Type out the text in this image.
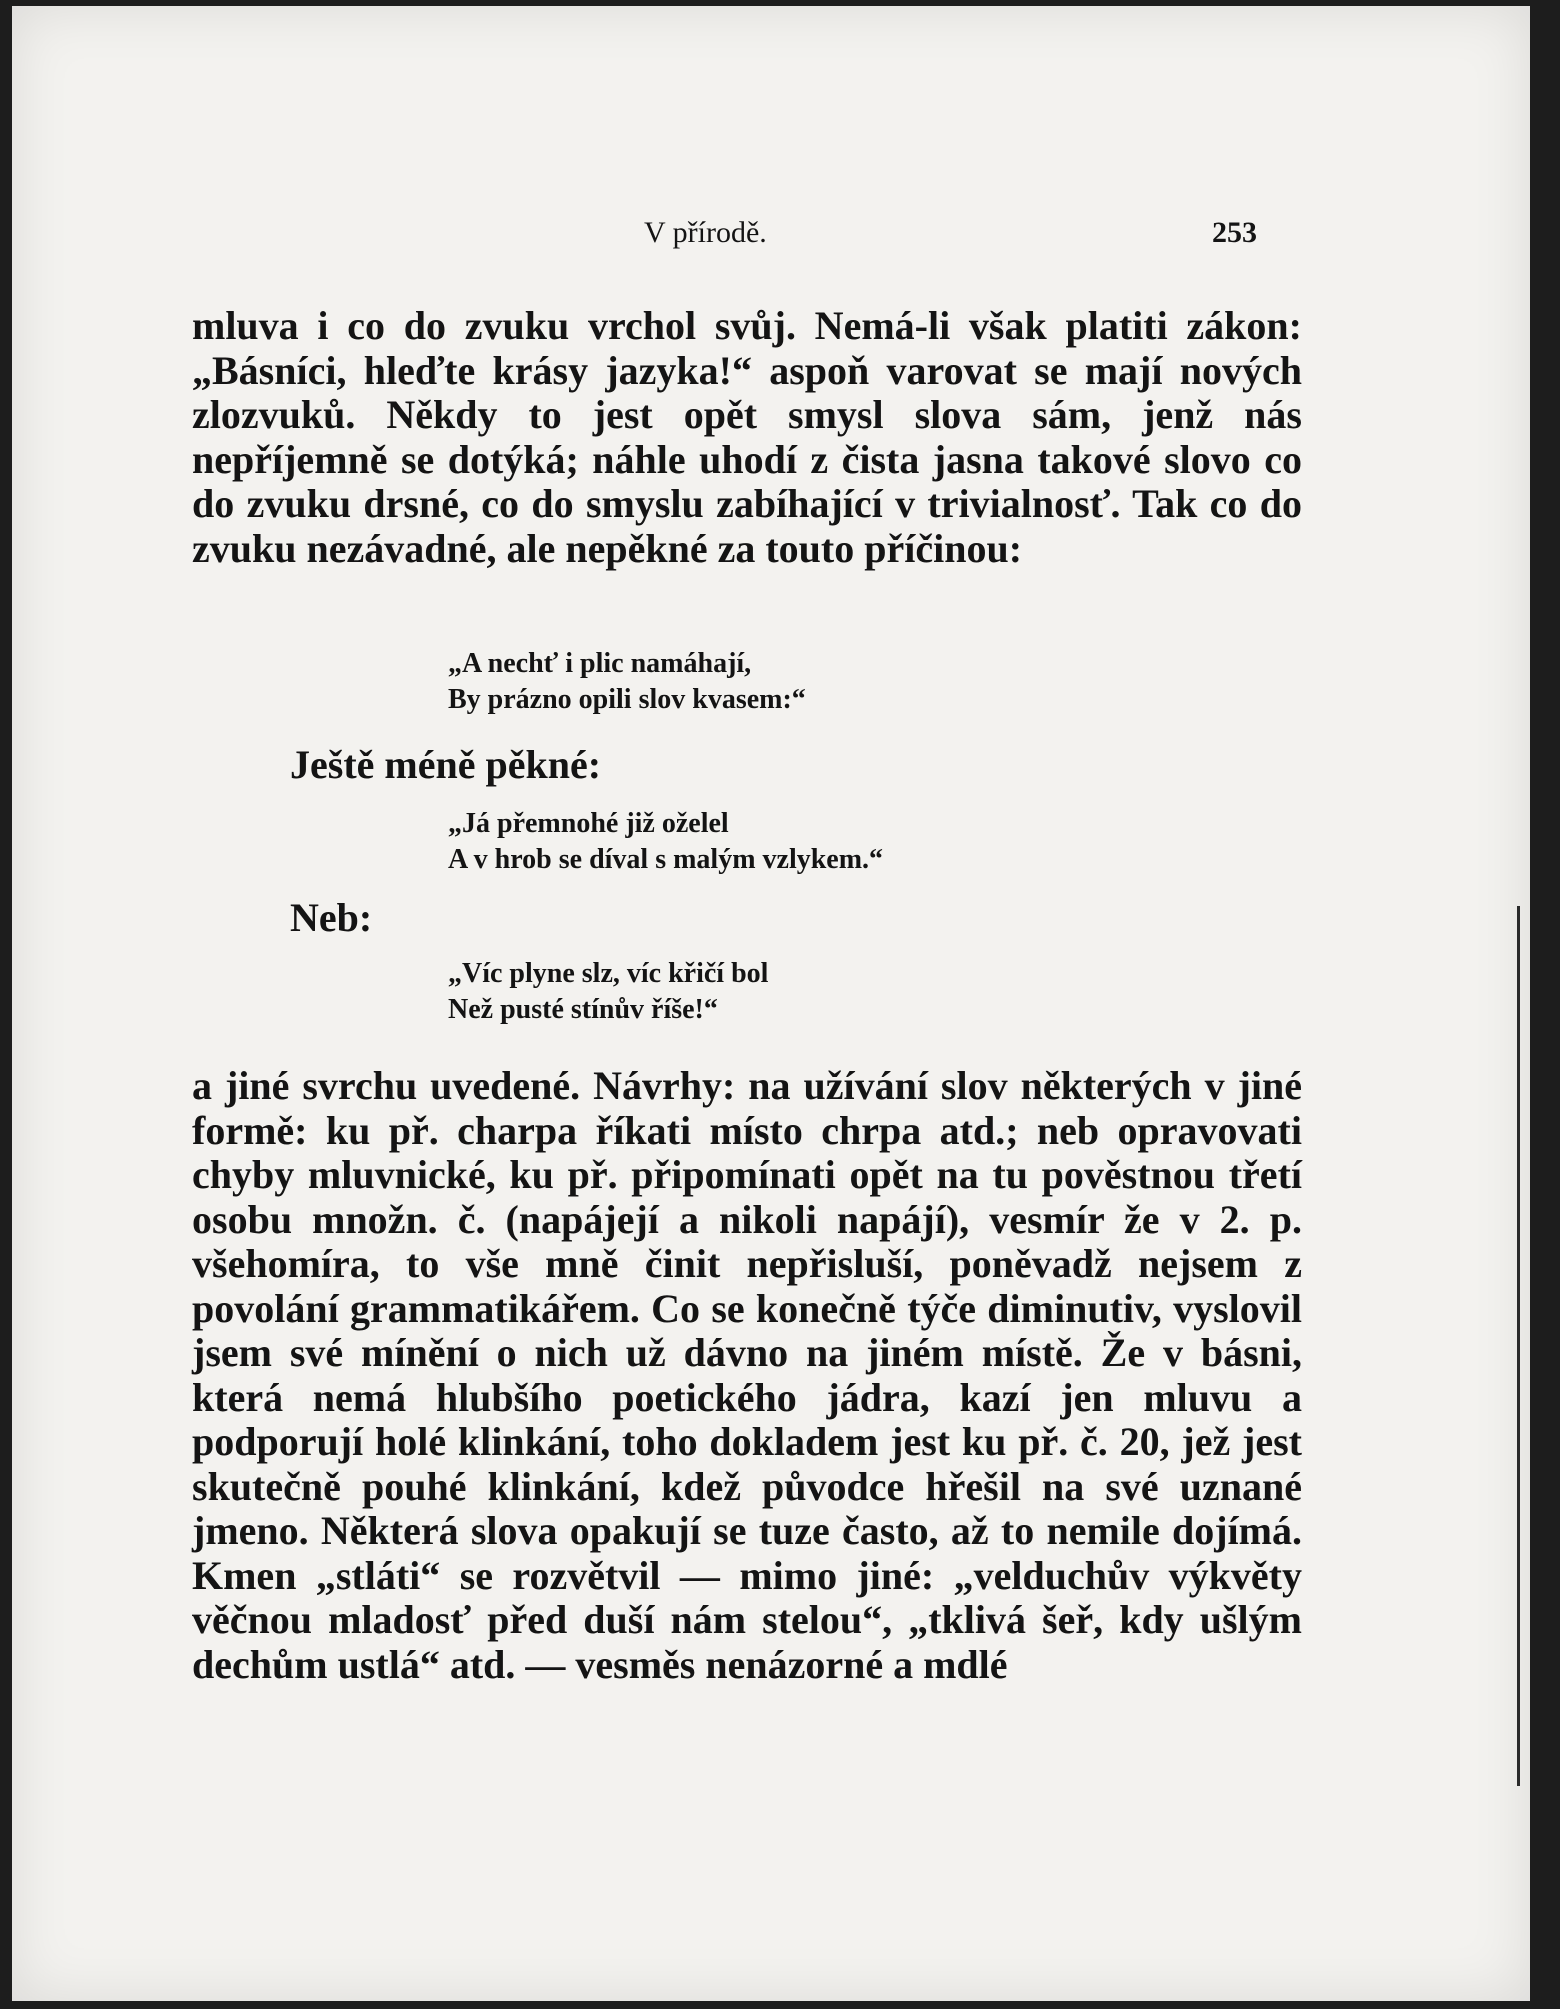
V přírodě.	253

mluva i co do zvuku vrchol svůj. Nemá-li však platiti zákon: „Básníci, hleďte krásy jazyka!“ aspoň varovat se mají nových zlozvuků. Někdy to jest opět smysl slova sám, jenž nás nepříjemně se dotýká; náhle uhodí z čista jasna takové slovo co do zvuku drsné, co do smyslu zabíhající v trivialnosť. Tak co do zvuku nezávadné, ale nepěkné za touto příčinou:

„A nechť i plic namáhají,

By prázno opili slov kvasem:“

Ještě méně pěkné:

„Já přemnohé již oželel

A v hrob se díval s malým vzlykem.“

Neb:

„Víc plyne slz, víc křičí bol

Než pusté stínův říše!“

a jiné svrchu uvedené. Návrhy: na užívání slov některých v jiné formě: ku př. charpa říkati místo chrpa atd.; neb opravovati chyby mluvnické, ku př. připomínati opět na tu pověstnou třetí osobu množn. č. (napájejí a nikoli napájí), vesmír že v 2. p. všehomíra, to vše mně činit nepřisluší, poněvadž nejsem z povolání grammatikářem. Co se konečně týče diminutiv, vyslovil jsem své mínění o nich už dávno na jiném místě. Že v básni, která nemá hlubšího poetického jádra, kazí jen mluvu a podporují holé klinkání, toho dokladem jest ku př. č. 20, jež jest skutečně pouhé klinkání, kdež původce hřešil na své uznané jmeno. Některá slova opakují se tuze často, až to nemile dojímá. Kmen „stláti“ se rozvětvil — mimo jiné: „velduchův výkvěty věčnou mladosť před duší nám stelou“, „tklivá šeř, kdy ušlým dechům ustlá“ atd. — vesměs nenázorné a mdlé
